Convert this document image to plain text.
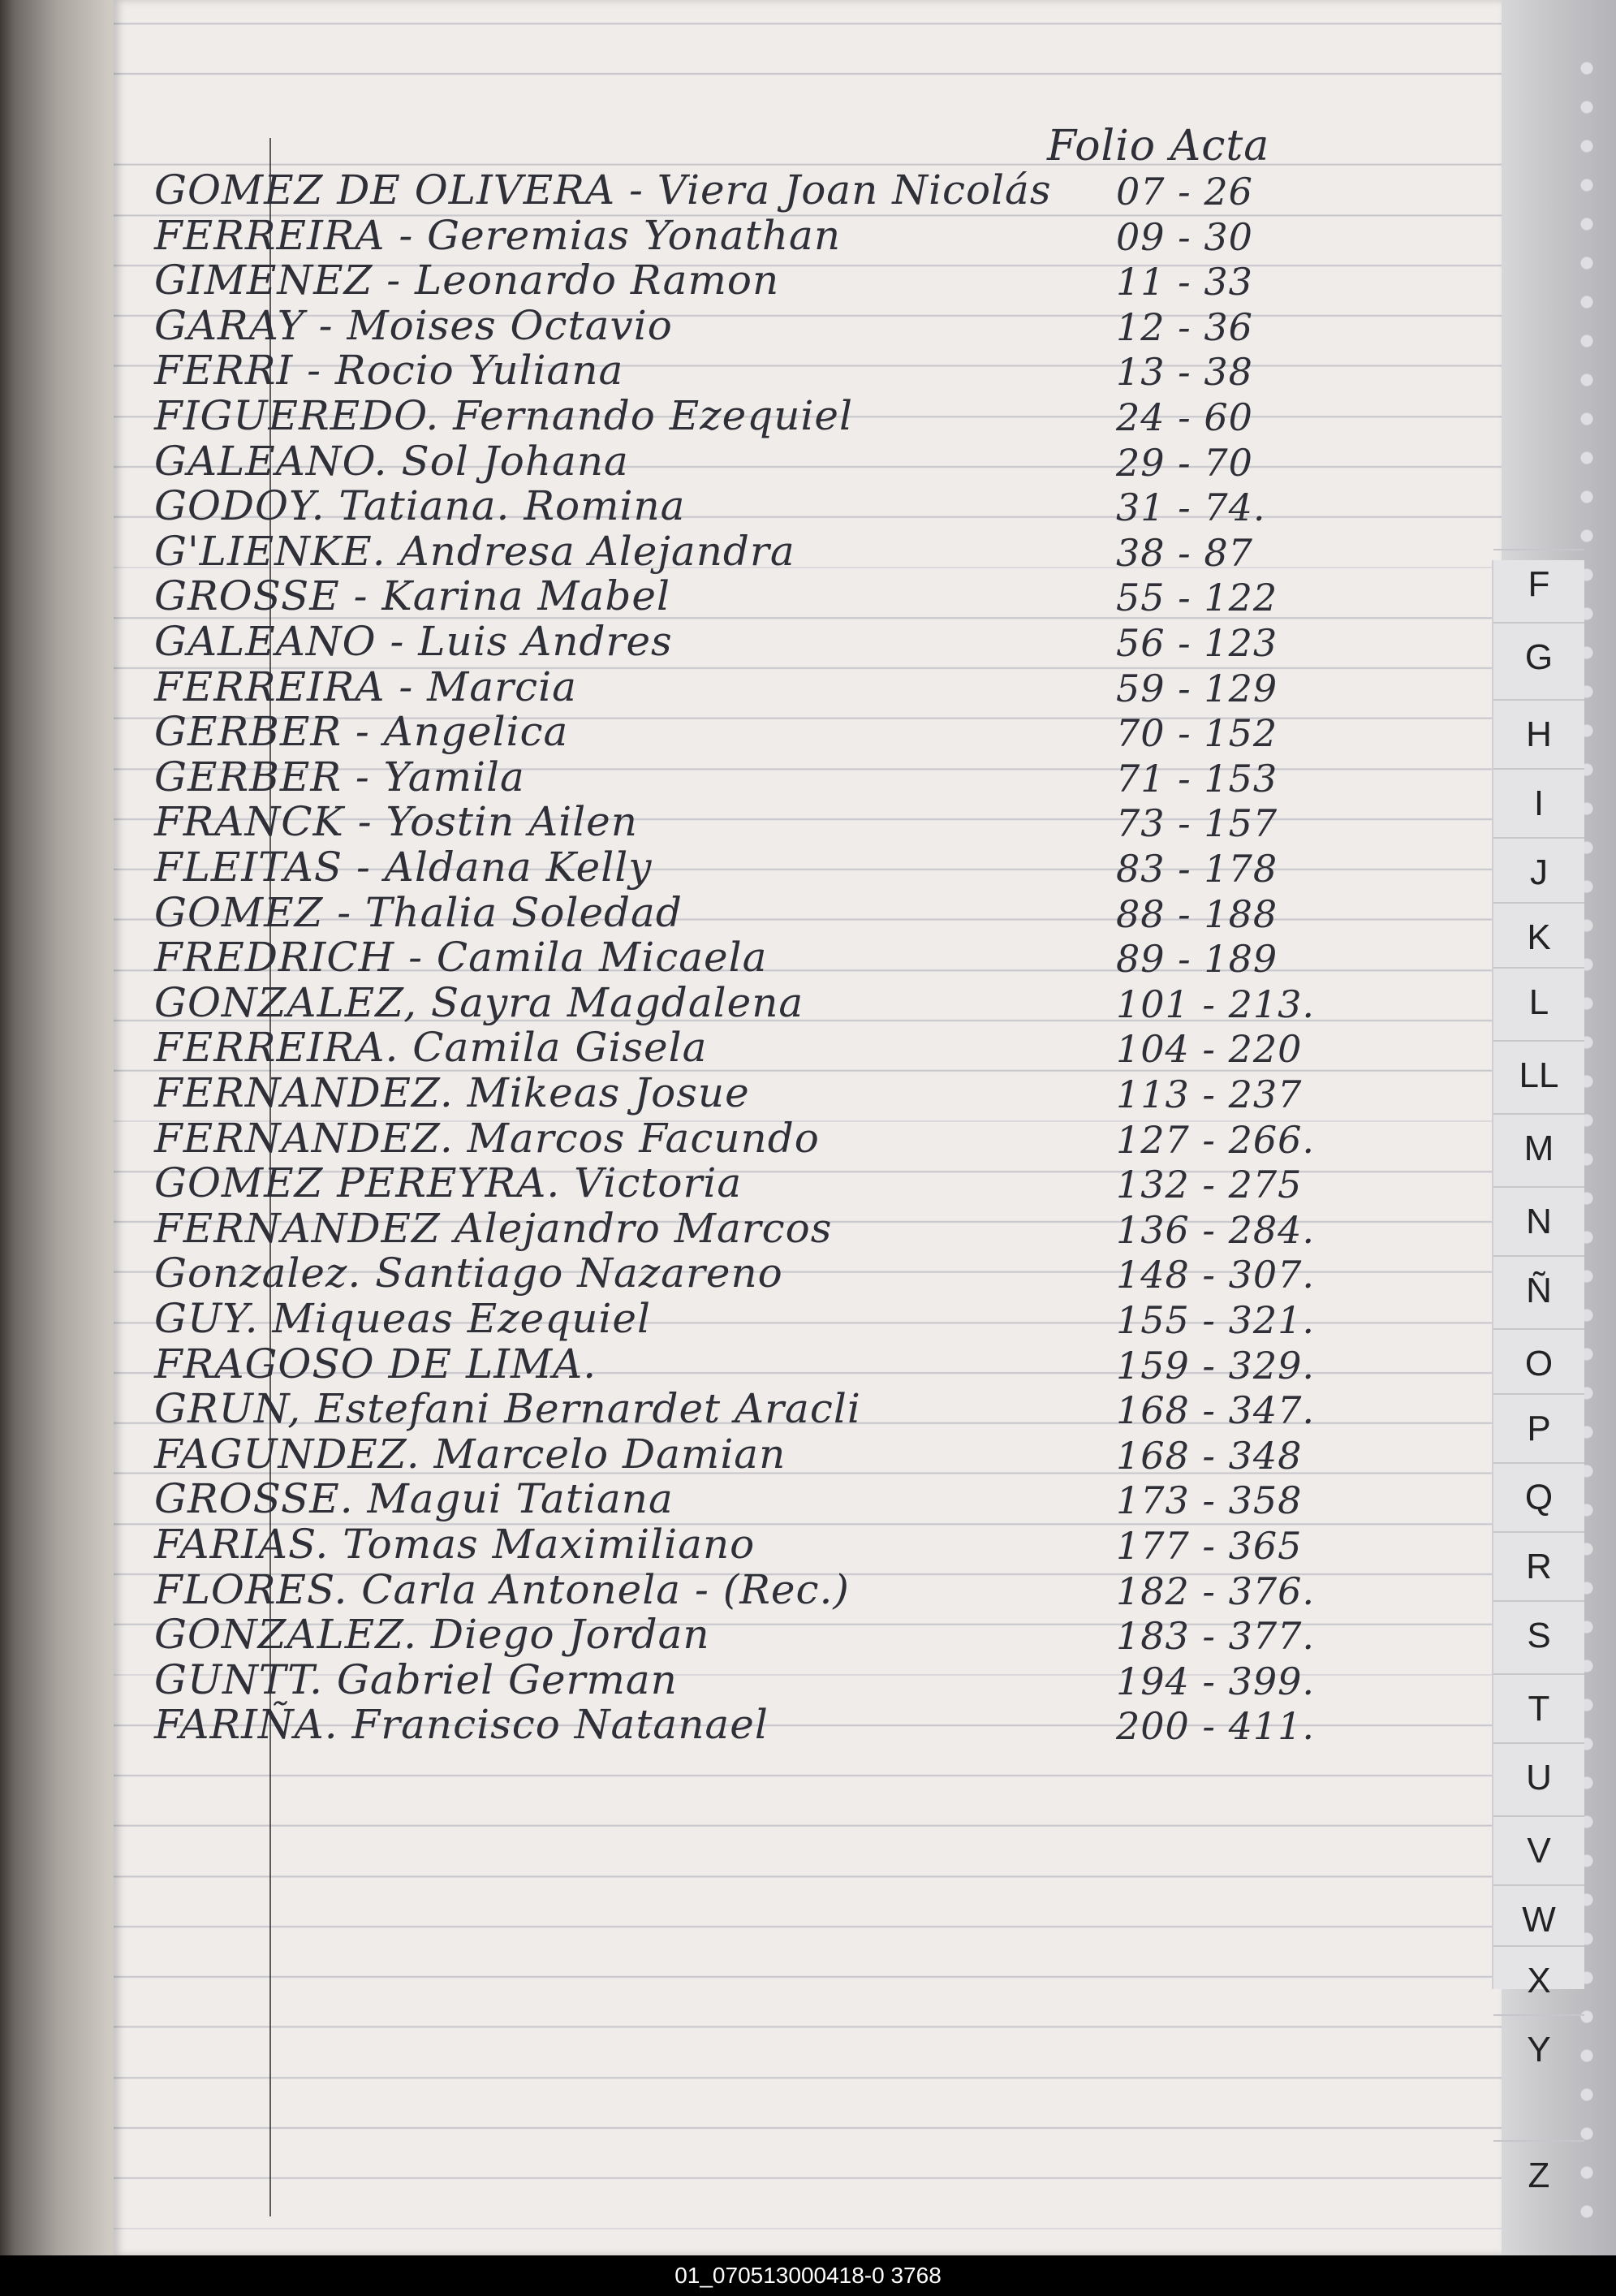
Folio Acta
GOMEZ DE OLIVERA - Viera Joan Nicolás 07 - 26
FERREIRA - Geremias Yonathan	09 - 30
GIMENEZ - Leonardo Ramon	11 - 33
GARAY - Moises Octavio	12 - 36
FERRI - Rocio Yuliana	13 - 38
FIGUEREDO. Fernando Ezequiel	24 - 60
GALEANO. Sol Johana	29 - 70
GODOY. Tatiana. Romina	31 - 74.
G'LIENKE. Andresa Alejandra	38 - 87
GROSSE - Karina Mabel	55 - 122
GALEANO - Luis Andres	56 - 123
FERREIRA - Marcia	59 - 129
GERBER - Angelica	70 - 152
GERBER - Yamila	71 - 153
FRANCK - Yostin Ailen	73 - 157
FLEITAS - Aldana Kelly	83 - 178
GOMEZ - Thalia Soledad	88 - 188
FREDRICH - Camila Micaela	89 - 189
GONZALEZ, Sayra Magdalena	101 - 213.
FERREIRA. Camila Gisela	104 - 220
FERNANDEZ. Mikeas Josue	113 - 237
FERNANDEZ. Marcos Facundo	127 - 266.
GOMEZ PEREYRA. Victoria	132 - 275
FERNANDEZ Alejandro Marcos	136 - 284.
Gonzalez. Santiago Nazareno	148 - 307.
GUY. Miqueas Ezequiel	155 - 321.
FRAGOSO DE LIMA.	159 - 329.
GRUN, Estefani Bernardet Aracli	168 - 347.
FAGUNDEZ. Marcelo Damian	168 - 348
GROSSE. Magui Tatiana	173 - 358
FARIAS. Tomas Maximiliano	177 - 365
FLORES. Carla Antonela - (Rec.)	182 - 376.
GONZALEZ. Diego Jordan	183 - 377.
GUNTT. Gabriel German	194 - 399.
FARIÑA. Francisco Natanael	200 - 411.
F
G
H
I
J
K
L
LL
M
N
Ñ
O
P
Q
R
S
T
U
V
W
X
Y
Z
01_070513000418-0 3768
